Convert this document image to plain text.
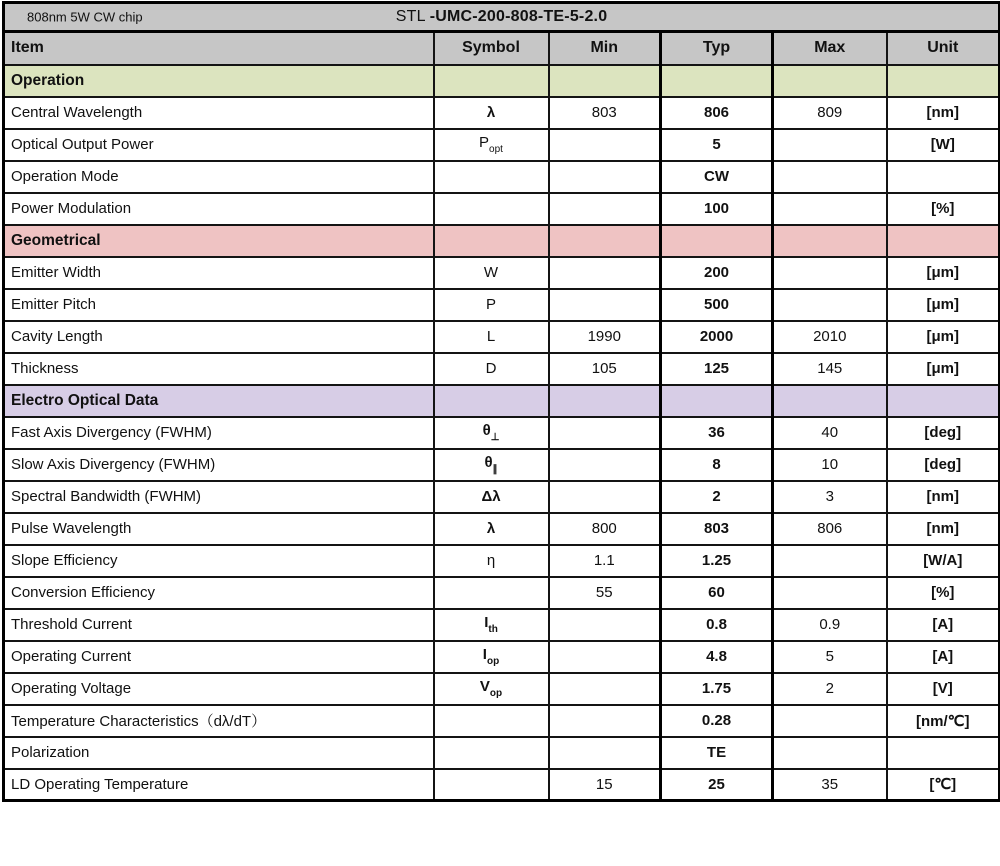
808nm 5W CW chip STL -UMC-200-808-TE-5-2.0					
Item	Symbol	Min	Typ	Max	Unit
Operation					
Central Wavelength	λ	803	806	809	[nm]
Optical Output Power	$P_{opt}$		5		[W]
Operation Mode			CW		
Power Modulation			100		[%]
Geometrical					
Emitter Width	W		200		[μm]
Emitter Pitch	P		500		[μm]
Cavity Length	L	1990	2000	2010	[μm]
Thickness	D	105	125	145	[μm]
Electro Optical Data					
Fast Axis Divergency (FWHM)	$\theta_\perp$		36	40	[deg]
Slow Axis Divergency (FWHM)	$\theta_\parallel$		8	10	[deg]
Spectral Bandwidth (FWHM)	Δλ		2	3	[nm]
Pulse Wavelength	λ	800	803	806	[nm]
Slope Efficiency	η	1.1	1.25		[W/A]
Conversion Efficiency		55	60		[%]
Threshold Current	$I_{th}$		0.8	0.9	[A]
Operating Current	$I_{op}$		4.8	5	[A]
Operating Voltage	$V_{op}$		1.75	2	[V]
Temperature Characteristics（dλ/dT）			0.28		[nm/℃]
Polarization			TE		
LD Operating Temperature		15	25	35	[℃]
